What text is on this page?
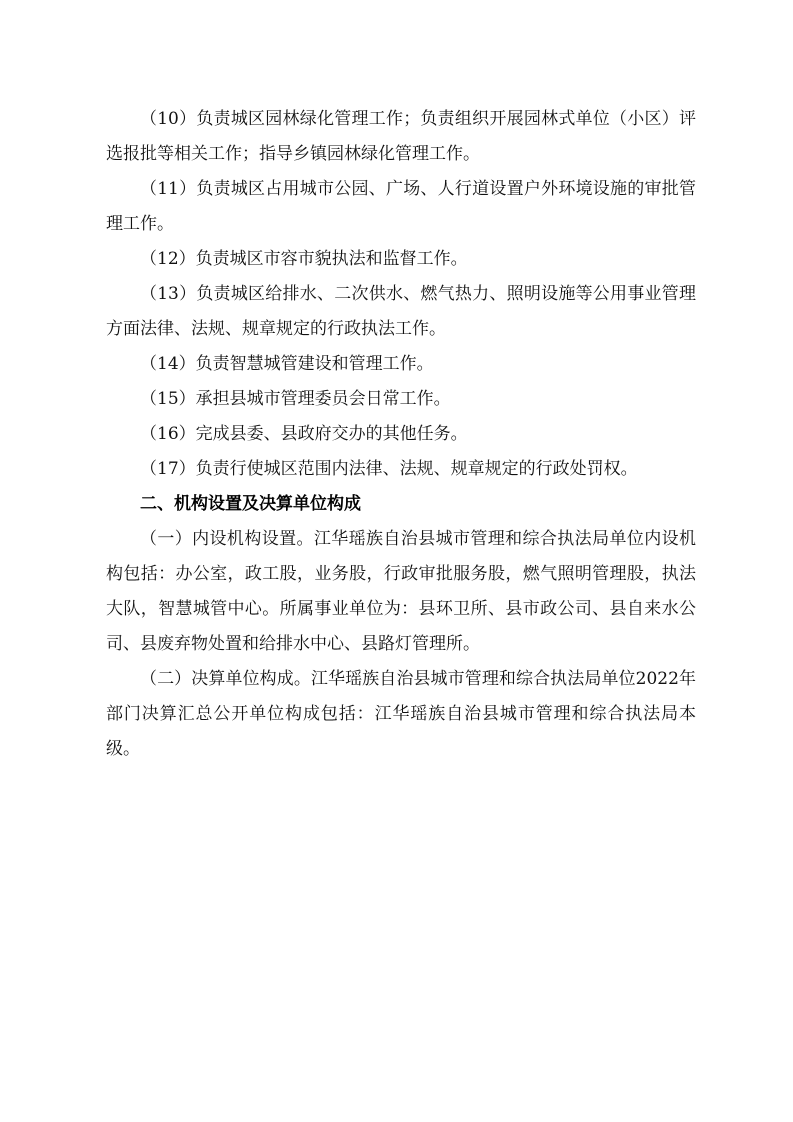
（10）负责城区园林绿化管理工作；负责组织开展园林式单位（小区）评选报批等相关工作；指导乡镇园林绿化管理工作。

（11）负责城区占用城市公园、广场、人行道设置户外环境设施的审批管理工作。

（12）负责城区市容市貌执法和监督工作。

（13）负责城区给排水、二次供水、燃气热力、照明设施等公用事业管理方面法律、法规、规章规定的行政执法工作。

（14）负责智慧城管建设和管理工作。

（15）承担县城市管理委员会日常工作。

（16）完成县委、县政府交办的其他任务。

（17）负责行使城区范围内法律、法规、规章规定的行政处罚权。

二、机构设置及决算单位构成

（一）内设机构设置。江华瑶族自治县城市管理和综合执法局单位内设机构包括：办公室，政工股，业务股，行政审批服务股，燃气照明管理股，执法大队，智慧城管中心。所属事业单位为：县环卫所、县市政公司、县自来水公司、县废弃物处置和给排水中心、县路灯管理所。

（二）决算单位构成。江华瑶族自治县城市管理和综合执法局单位2022年部门决算汇总公开单位构成包括：江华瑶族自治县城市管理和综合执法局本级。
